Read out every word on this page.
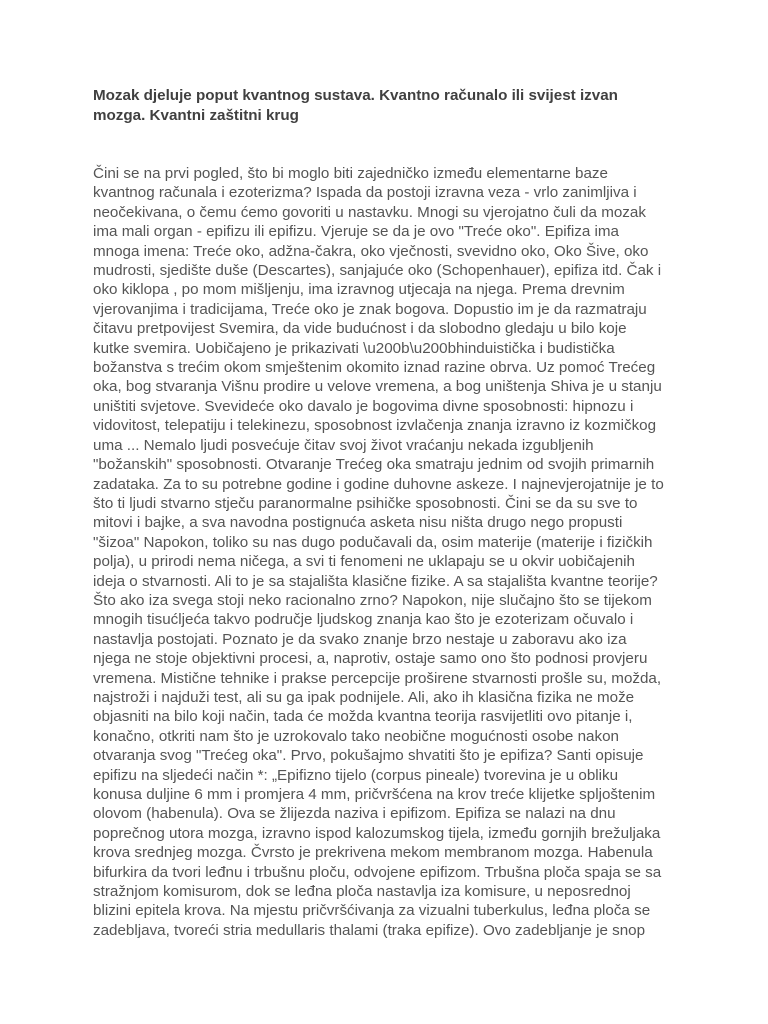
Mozak djeluje poput kvantnog sustava. Kvantno računalo ili svijest izvan
mozga. Kvantni zaštitni krug
Čini se na prvi pogled, što bi moglo biti zajedničko između elementarne baze
kvantnog računala i ezoterizma? Ispada da postoji izravna veza - vrlo zanimljiva i
neočekivana, o čemu ćemo govoriti u nastavku. Mnogi su vjerojatno čuli da mozak
ima mali organ - epifizu ili epifizu. Vjeruje se da je ovo "Treće oko". Epifiza ima
mnoga imena: Treće oko, adžna-čakra, oko vječnosti, svevidno oko, Oko Šive, oko
mudrosti, sjedište duše (Descartes), sanjajuće oko (Schopenhauer), epifiza itd. Čak i
oko kiklopa , po mom mišljenju, ima izravnog utjecaja na njega. Prema drevnim
vjerovanjima i tradicijama, Treće oko je znak bogova. Dopustio im je da razmatraju
čitavu pretpovijest Svemira, da vide budućnost i da slobodno gledaju u bilo koje
kutke svemira. Uobičajeno je prikazivati \u200b\u200bhinduistička i budistička
božanstva s trećim okom smještenim okomito iznad razine obrva. Uz pomoć Trećeg
oka, bog stvaranja Višnu prodire u velove vremena, a bog uništenja Shiva je u stanju
uništiti svjetove. Svevideće oko davalo je bogovima divne sposobnosti: hipnozu i
vidovitost, telepatiju i telekinezu, sposobnost izvlačenja znanja izravno iz kozmičkog
uma ... Nemalo ljudi posvećuje čitav svoj život vraćanju nekada izgubljenih
"božanskih" sposobnosti. Otvaranje Trećeg oka smatraju jednim od svojih primarnih
zadataka. Za to su potrebne godine i godine duhovne askeze. I najnevjerojatnije je to
što ti ljudi stvarno stječu paranormalne psihičke sposobnosti. Čini se da su sve to
mitovi i bajke, a sva navodna postignuća asketa nisu ništa drugo nego propusti
"šizoa" Napokon, toliko su nas dugo podučavali da, osim materije (materije i fizičkih
polja), u prirodi nema ničega, a svi ti fenomeni ne uklapaju se u okvir uobičajenih
ideja o stvarnosti. Ali to je sa stajališta klasične fizike. A sa stajališta kvantne teorije?
Što ako iza svega stoji neko racionalno zrno? Napokon, nije slučajno što se tijekom
mnogih tisućljeća takvo područje ljudskog znanja kao što je ezoterizam očuvalo i
nastavlja postojati. Poznato je da svako znanje brzo nestaje u zaboravu ako iza
njega ne stoje objektivni procesi, a, naprotiv, ostaje samo ono što podnosi provjeru
vremena. Mistične tehnike i prakse percepcije proširene stvarnosti prošle su, možda,
najstroži i najduži test, ali su ga ipak podnijele. Ali, ako ih klasična fizika ne može
objasniti na bilo koji način, tada će možda kvantna teorija rasvijetliti ovo pitanje i,
konačno, otkriti nam što je uzrokovalo tako neobične mogućnosti osobe nakon
otvaranja svog "Trećeg oka". Prvo, pokušajmo shvatiti što je epifiza? Santi opisuje
epifizu na sljedeći način *: „Epifizno tijelo (corpus pineale) tvorevina je u obliku
konusa duljine 6 mm i promjera 4 mm, pričvršćena na krov treće klijetke spljoštenim
olovom (habenula). Ova se žlijezda naziva i epifizom. Epifiza se nalazi na dnu
poprečnog utora mozga, izravno ispod kalozumskog tijela, između gornjih brežuljaka
krova srednjeg mozga. Čvrsto je prekrivena mekom membranom mozga. Habenula
bifurkira da tvori leđnu i trbušnu ploču, odvojene epifizom. Trbušna ploča spaja se sa
stražnjom komisurom, dok se leđna ploča nastavlja iza komisure, u neposrednoj
blizini epitela krova. Na mjestu pričvršćivanja za vizualni tuberkulus, leđna ploča se
zadebljava, tvoreći stria medullaris thalami (traka epifize). Ovo zadebljanje je snop
